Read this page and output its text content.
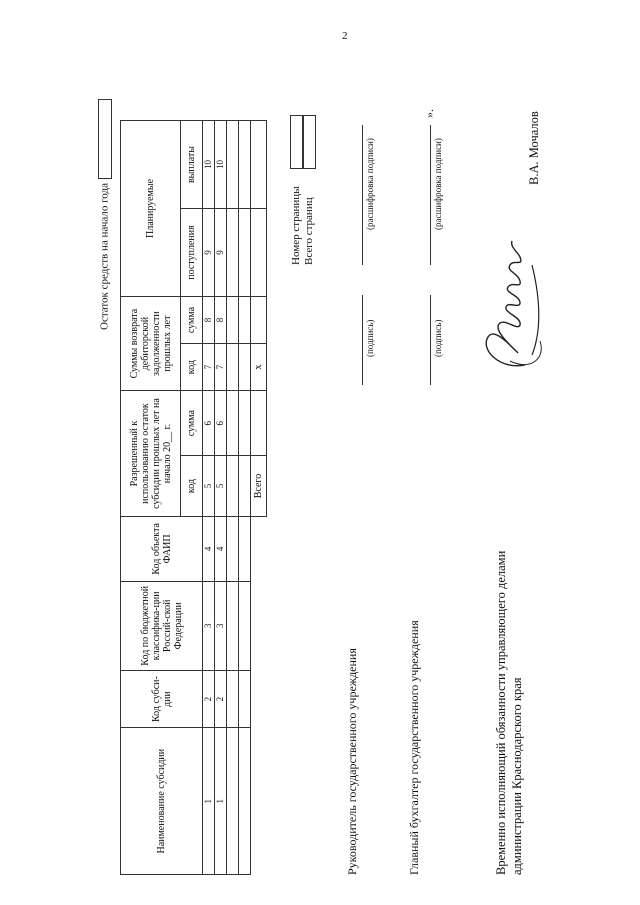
2
Остаток средств на начало года
Наименование субсидии	Код субси-дии	Код по бюджетной классифика-ции Россий-ской Федерации	Код объекта ФАИП	Разрешенный к использованию остаток субсидии прошлых лет на начало 20__ г.		Суммы возврата дебиторской задолженности прошлых лет		Планируемые	
				код	сумма	код	сумма	поступления	выплаты
1	2	3	4	5	6	7	8	9	10
1	2	3	4	5	6	7	8	9	10

				Всего		x			
Номер страницы Всего страниц
Руководитель государственного учреждения
(подпись)
(расшифровка подписи)
Главный бухгалтер государственного учреждения
(подпись)
(расшифровка подписи)
».
Временно исполняющий обязанности управляющего делами администрации Краснодарского края
В.А. Мочалов
